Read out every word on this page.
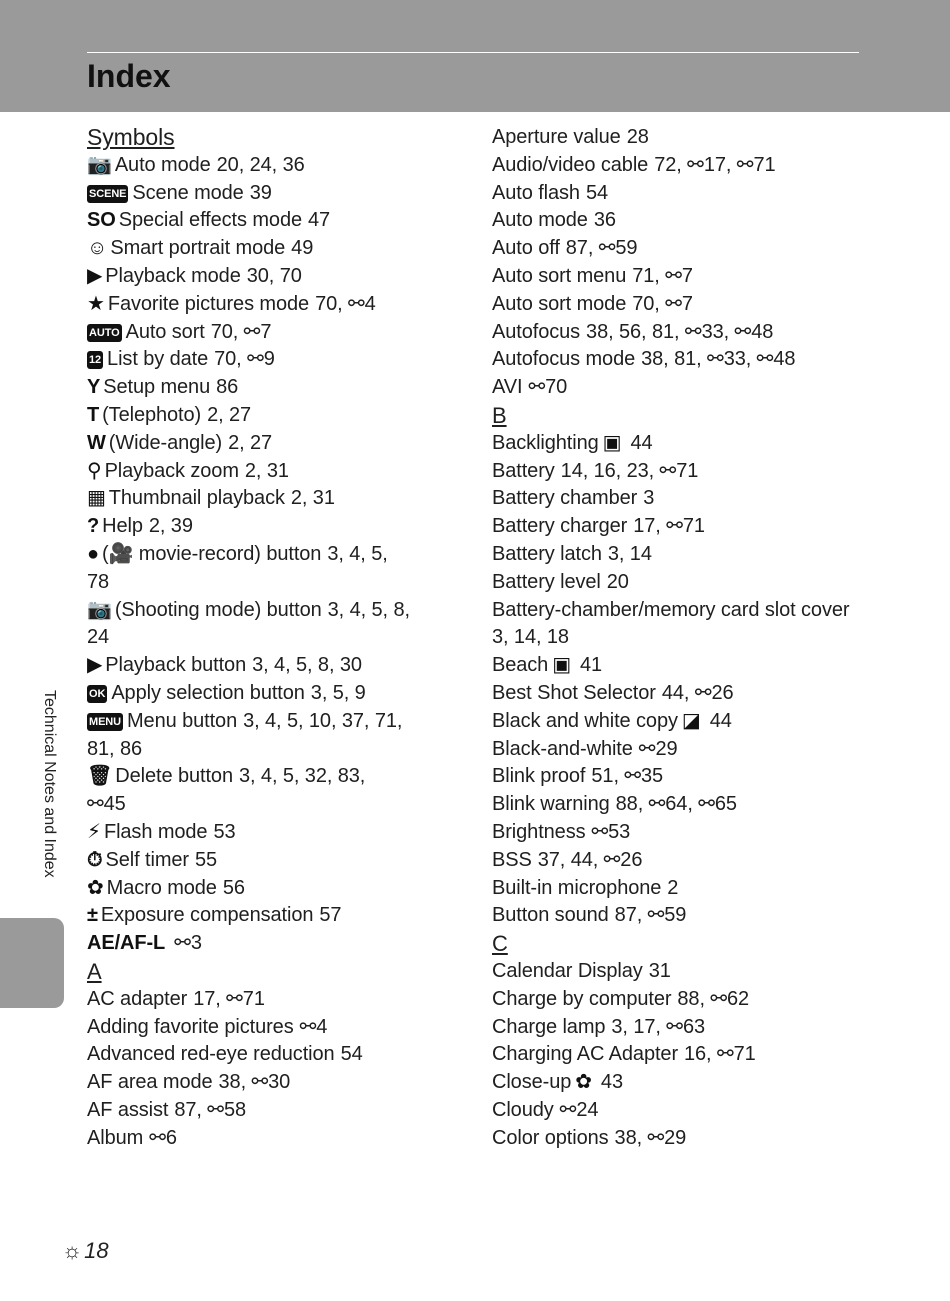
Index
Symbols
📷 Auto mode 20, 24, 36
SCENE Scene mode 39
SO Special effects mode 47
☺ Smart portrait mode 49
▶ Playback mode 30, 70
★ Favorite pictures mode 70, ⚯4
AUTO Auto sort 70, ⚯7
12 List by date 70, ⚯9
Y Setup menu 86
T (Telephoto) 2, 27
W (Wide-angle) 2, 27
⚲ Playback zoom 2, 31
▦ Thumbnail playback 2, 31
? Help 2, 39
● (🎥 movie-record) button 3, 4, 5,
78
📷 (Shooting mode) button 3, 4, 5, 8,
24
▶ Playback button 3, 4, 5, 8, 30
OK Apply selection button 3, 5, 9
MENU Menu button 3, 4, 5, 10, 37, 71,
81, 86
🗑 Delete button 3, 4, 5, 32, 83,
⚯45
⚡ Flash mode 53
⏱ Self timer 55
✿ Macro mode 56
± Exposure compensation 57
AE/AF-L ⚯3
A
AC adapter 17, ⚯71
Adding favorite pictures ⚯4
Advanced red-eye reduction 54
AF area mode 38, ⚯30
AF assist 87, ⚯58
Album ⚯6
Aperture value 28
Audio/video cable 72, ⚯17, ⚯71
Auto flash 54
Auto mode 36
Auto off 87, ⚯59
Auto sort menu 71, ⚯7
Auto sort mode 70, ⚯7
Autofocus 38, 56, 81, ⚯33, ⚯48
Autofocus mode 38, 81, ⚯33, ⚯48
AVI ⚯70
B
Backlighting ▣ 44
Battery 14, 16, 23, ⚯71
Battery chamber 3
Battery charger 17, ⚯71
Battery latch 3, 14
Battery level 20
Battery-chamber/memory card slot cover
3, 14, 18
Beach ▣ 41
Best Shot Selector 44, ⚯26
Black and white copy ◪ 44
Black-and-white ⚯29
Blink proof 51, ⚯35
Blink warning 88, ⚯64, ⚯65
Brightness ⚯53
BSS 37, 44, ⚯26
Built-in microphone 2
Button sound 87, ⚯59
C
Calendar Display 31
Charge by computer 88, ⚯62
Charge lamp 3, 17, ⚯63
Charging AC Adapter 16, ⚯71
Close-up ✿ 43
Cloudy ⚯24
Color options 38, ⚯29
Technical Notes and Index
☼18
